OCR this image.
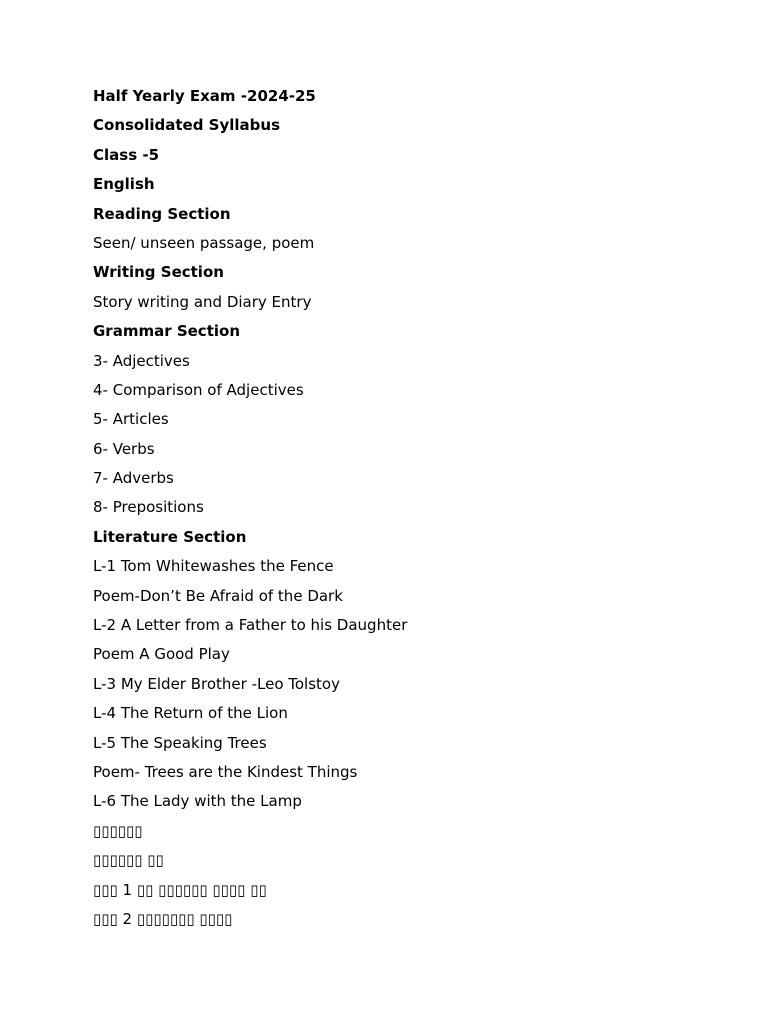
Half Yearly Exam -2024-25
Consolidated Syllabus
Class -5
English
Reading Section
Seen/ unseen passage, poem
Writing Section
Story writing and Diary Entry
Grammar Section
3- Adjectives
4- Comparison of Adjectives
5- Articles
6- Verbs
7- Adverbs
8- Prepositions
Literature Section
L-1 Tom Whitewashes the Fence
Poem-Don’t Be Afraid of the Dark
L-2 A Letter from a Father to his Daughter
Poem A Good Play
L-3 My Elder Brother -Leo Tolstoy
L-4 The Return of the Lion
L-5 The Speaking Trees
Poem- Trees are the Kindest Things
L-6 The Lady with the Lamp
▯▯▯▯▯▯
▯▯▯▯▯▯ ▯▯
▯▯▯ 1 ▯▯ ▯▯▯▯▯▯ ▯▯▯▯ ▯▯
▯▯▯ 2 ▯▯▯▯▯▯▯ ▯▯▯▯
